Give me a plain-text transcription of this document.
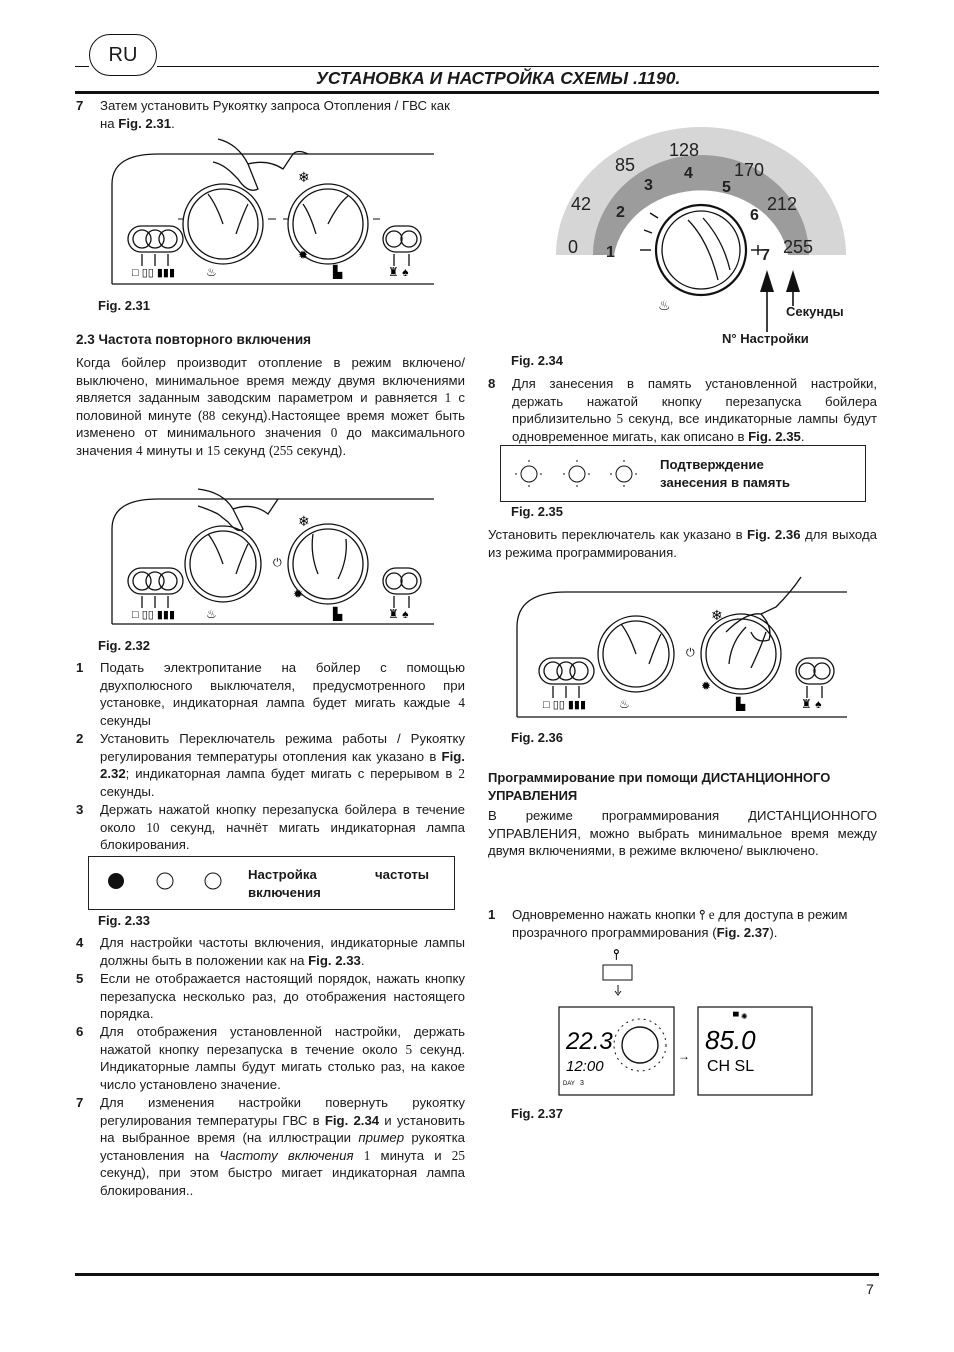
RU
УСТАНОВКА И НАСТРОЙКА СХЕМЫ .1190.
7	Затем установить Рукоятку запроса Отопления / ГВС как на Fig. 2.31.
□ ▯▯ ▮▮▮	♨
✹
▙
❄
♜ ♠
Fig. 2.31
2.3 Частота повторного включения
Когда бойлер производит отопление в режим включено/ выключено, минимальное время между двумя включениями является заданным заводским параметром и равняется 1 с половиной минуте (88 секунд).Настоящее время может быть изменено от минимального значения 0 до максимального значения 4 минуты и 15 секунд (255 секунд).
□ ▯▯ ▮▮▮	♨
✹
▙
❄
⏻
♜ ♠
Fig. 2.32
1	Подать электропитание на бойлер с помощью двухполюсного выключателя, предусмотренного при установке, индикаторная лампа будет мигать каждые 4 секунды
2	Установить Переключатель режима работы / Рукоятку регулирования температуры отопления как указано в Fig. 2.32; индикаторная лампа будет мигать с перерывом в 2 секунды.
3	Держать нажатой кнопку перезапуска бойлера в течение около 10 секунд, начнёт мигать индикаторная лампа блокирования.
Настройка	частоты
включения
Fig. 2.33
4	Для настройки частоты включения, индикаторные лампы должны быть в положении как на Fig. 2.33.
5	Если не отображается настоящий порядок, нажать кнопку перезапуска несколько раз, до отображения настоящего порядка.
6	Для отображения установленной настройки, держать нажатой кнопку перезапуска в течение около 5 секунд. Индикаторные лампы будут мигать столько раз, на какое число установлено значение.
7	Для изменения настройки повернуть рукоятку регулирования температуры ГВС в Fig. 2.34 и установить на выбранное время (на иллюстрации пример рукоятка установления на Частоту включения 1 минута и 25 секунд), при этом быстро мигает индикаторная лампа блокирования..
0
42
85
128
170
212
255
1
2
3
4
5
6
7
♨	Секунды
N° Настройки
Fig. 2.34
8	Для занесения в память установленной настройки, держать нажатой кнопку перезапуска бойлера приблизительно 5 секунд, все индикаторные лампы будут одновременное мигать, как описано в Fig. 2.35.
Подтверждение
занесения в память
Fig. 2.35
Установить переключатель как указано в Fig. 2.36 для выхода из режима программирования.
□ ▯▯ ▮▮▮	♨
✹
▙
❄
⏻
♜ ♠
Fig. 2.36
Программирование при помощи ДИСТАНЦИОННОГО УПРАВЛЕНИЯ
В режиме программирования ДИСТАНЦИОННОГО УПРАВЛЕНИЯ, можно выбрать минимальное время между двумя включениями, в режиме включено/ выключено.
1	Одновременно нажать кнопки ⫯ e для доступа в режим прозрачного программирования (Fig. 2.37).
⫯
22.3
12:00
DAY 3
→
85.0
CH SL
▀ ✺
Fig. 2.37
7
